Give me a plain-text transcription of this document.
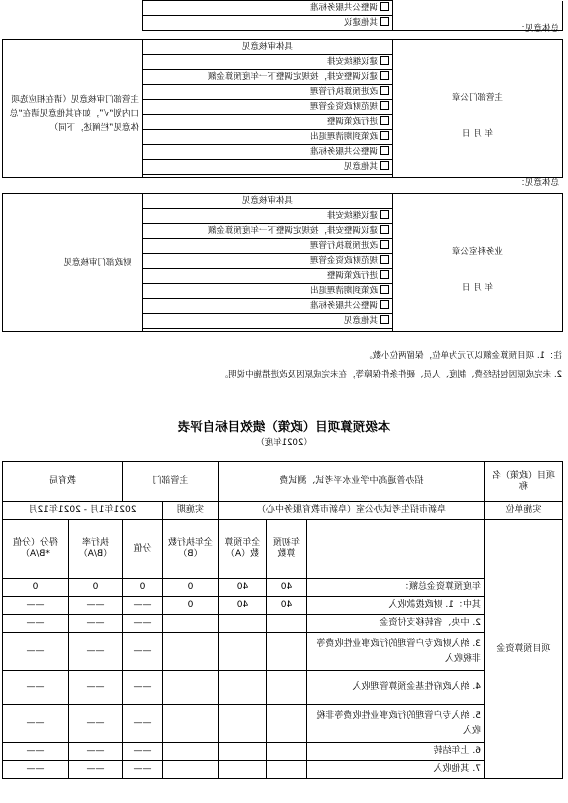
	调整公共服务标准
其他建议
总体意见：
主管部门公章
年 月 日
	具体审核意见	主管部门审核意见（请在相应选项口内划“√”，如有其他意见请在“总体意见”栏阐述，下同）
建议继续安排
建议调整安排，按规定调整下一年度预算金额
改进预算执行管理
规范财政资金管理
进行政策调整
政策到期清理退出
调整公共服务标准
其他意见

总体意见：
业务科室公章
年 月 日
	具体审核意见	财政部门审核意见
建议继续安排
建议调整安排，按规定调整下一年度预算金额
改进预算执行管理
规范财政资金管理
进行政策调整
政策到期清理退出
调整公共服务标准
其他意见

注：1. 项目预算金额以万元为单位，保留两位小数。
2. 未完成原因包括经费、制度、人员、硬件条件保障等，在未完成原因及改进措施中说明。
本级预算项目（政策）绩效目标自评表
（2021年度）
项目（政策）名称	招办普通高中学业水平考试、测试费			主管部门		教育局	
实施单位	阜新市招生考试办公室（阜新市教育服务中心）			实施期	2021年1月 - 2021年12月		
项目预算资金		年初预算数	全年预算数（A）	全年执行数（B）	分值	执行率（B/A）	得分（分值*B/A）
	年度预算资金总额：	40	40	0	0	0	0
	其中：1. 财政拨款收入	40	40	0	——	——	——
	2. 中央、省转移支付资金				——	——	——
	3. 纳入财政专户管理的行政事业性收费等非税收入				——	——	——
	4. 纳入政府性基金预算管理收入				——	——	——
	5. 纳入专户管理的行政事业性收费等非税收入				——	——	——
	6. 上年结转				——	——	——
	7. 其他收入				——	——	——
